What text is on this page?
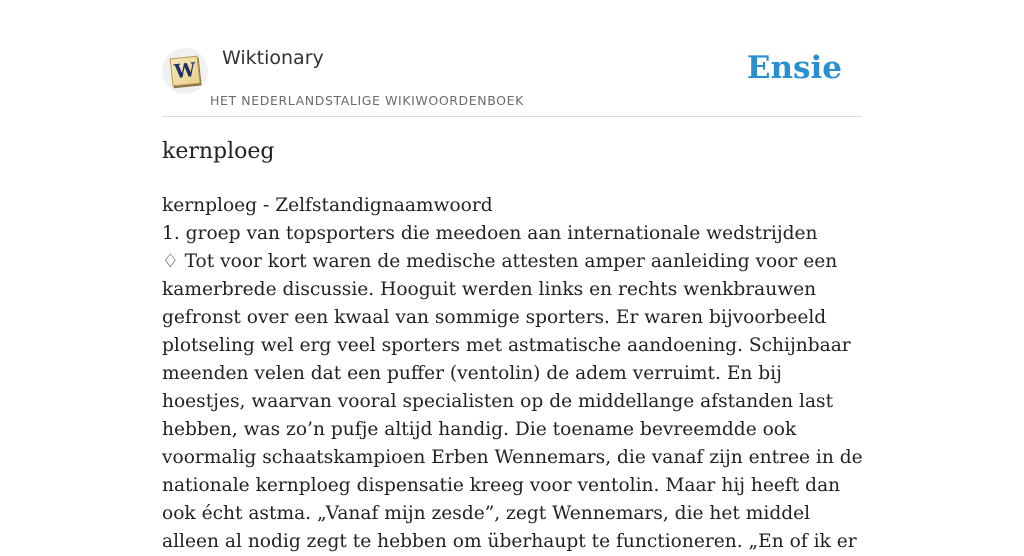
W
Wiktionary
HET NEDERLANDSTALIGE WIKIWOORDENBOEK
Ensie
kernploeg

kernploeg - Zelfstandignaamwoord

1. groep van topsporters die meedoen aan internationale wedstrijden

♢ Tot voor kort waren de medische attesten amper aanleiding voor een kamerbrede discussie. Hooguit werden links en rechts wenkbrauwen gefronst over een kwaal van sommige sporters. Er waren bijvoorbeeld plotseling wel erg veel sporters met astmatische aandoening. Schijnbaar meenden velen dat een puffer (ventolin) de adem verruimt. En bij hoestjes, waarvan vooral specialisten op de middellange afstanden last hebben, was zo’n pufje altijd handig. Die toename bevreemdde ook voormalig schaatskampioen Erben Wennemars, die vanaf zijn entree in de nationale kernploeg dispensatie kreeg voor ventolin. Maar hij heeft dan ook écht astma. „Vanaf mijn zesde”, zegt Wennemars, die het middel alleen al nodig zegt te hebben om überhaupt te functioneren. „En of ik er
